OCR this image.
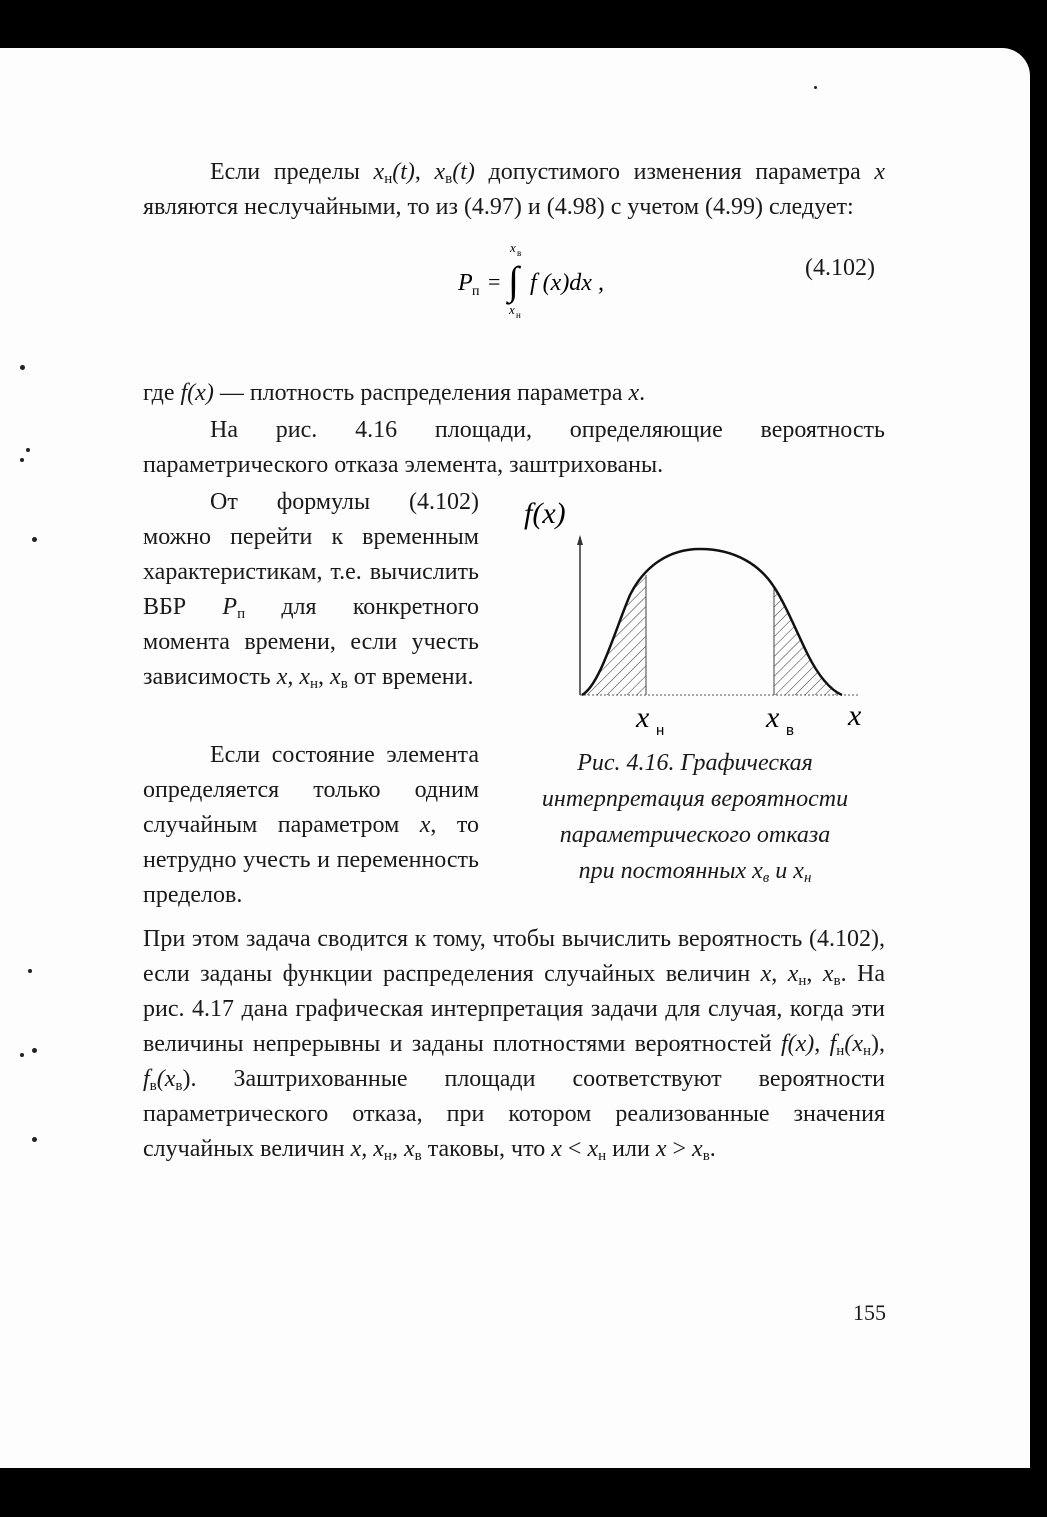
Если пределы $x_н(t)$, $x_в(t)$ допустимого изменения параметра x являются неслучайными, то из (4.97) и (4.98) с учетом (4.99) следует:
P п = ∫
x в
x н
f (x)dx ,
(4.102)
где f(x) — плотность распределения параметра x.
На рис. 4.16 площади, определяющие вероятность параметрического отказа элемента, заштрихованы.
От формулы (4.102) можно перейти к временным характеристикам, т.е. вычислить ВБР $P_п$ для конкретного момента времени, если учесть зависимость x, $x_н$, $x_в$ от времени.
Если состояние элемента определяется только одним случайным параметром x, то нетрудно учесть и переменность пределов.
f(x)
x н	x в x
Рис. 4.16. Графическая
интерпретация вероятности
параметрического отказа
при постоянных $x_в$ и $x_н$
При этом задача сводится к тому, чтобы вычислить вероятность (4.102), если заданы функции распределения случайных величин x, $x_н$, $x_в$. На рис. 4.17 дана графическая интерпретация задачи для случая, когда эти величины непрерывны и заданы плотностями вероятностей f(x), $f_н(x_н)$, $f_в(x_в)$. Заштрихованные площади соответствуют вероятности параметрического отказа, при котором реализованные значения случайных величин x, $x_н$, $x_в$ таковы, что $x < x_н$ или $x > x_в$.
155
